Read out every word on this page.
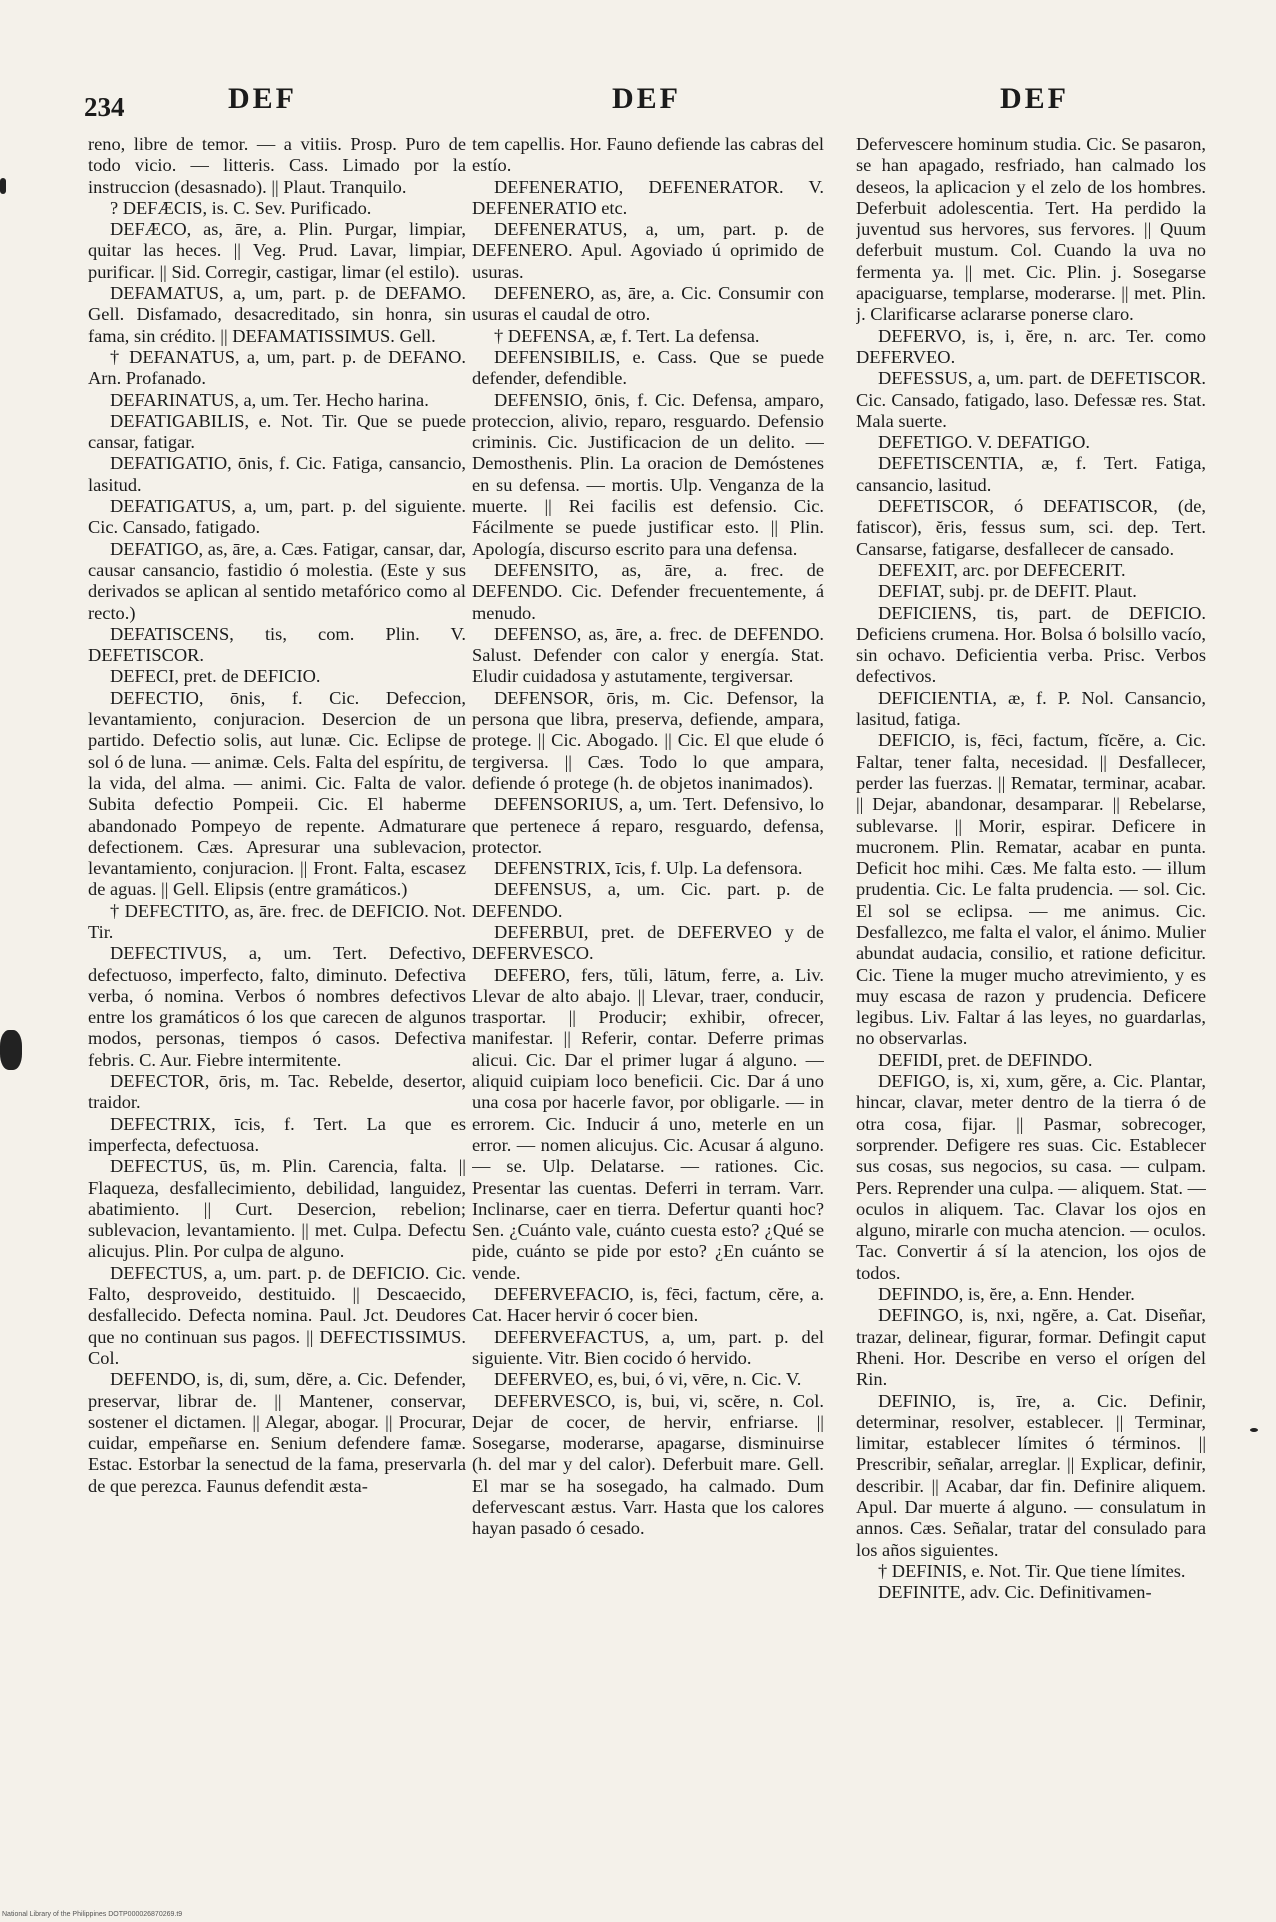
234	DEF	DEF	DEF

reno, libre de temor. — a vitiis. Prosp. Puro de todo vicio. — litteris. Cass. Limado por la instruccion (desasnado). || Plaut. Tranquilo.

? DEFÆCIS, is. C. Sev. Purificado.

DEFÆCO, as, āre, a. Plin. Purgar, limpiar, quitar las heces. || Veg. Prud. Lavar, limpiar, purificar. || Sid. Corregir, castigar, limar (el estilo).

DEFAMATUS, a, um, part. p. de DEFAMO. Gell. Disfamado, desacreditado, sin honra, sin fama, sin crédito. || DEFAMATISSIMUS. Gell.

† DEFANATUS, a, um, part. p. de DEFANO. Arn. Profanado.

DEFARINATUS, a, um. Ter. Hecho harina.

DEFATIGABILIS, e. Not. Tir. Que se puede cansar, fatigar.

DEFATIGATIO, ōnis, f. Cic. Fatiga, cansancio, lasitud.

DEFATIGATUS, a, um, part. p. del siguiente. Cic. Cansado, fatigado.

DEFATIGO, as, āre, a. Cæs. Fatigar, cansar, dar, causar cansancio, fastidio ó molestia. (Este y sus derivados se aplican al sentido metafórico como al recto.)

DEFATISCENS, tis, com. Plin. V. DEFETISCOR.

DEFECI, pret. de DEFICIO.

DEFECTIO, ōnis, f. Cic. Defeccion, levantamiento, conjuracion. Desercion de un partido. Defectio solis, aut lunæ. Cic. Eclipse de sol ó de luna. — animæ. Cels. Falta del espíritu, de la vida, del alma. — animi. Cic. Falta de valor. Subita defectio Pompeii. Cic. El haberme abandonado Pompeyo de repente. Admaturare defectionem. Cæs. Apresurar una sublevacion, levantamiento, conjuracion. || Front. Falta, escasez de aguas. || Gell. Elipsis (entre gramáticos.)

† DEFECTITO, as, āre. frec. de DEFICIO. Not. Tir.

DEFECTIVUS, a, um. Tert. Defectivo, defectuoso, imperfecto, falto, diminuto. Defectiva verba, ó nomina. Verbos ó nombres defectivos entre los gramáticos ó los que carecen de algunos modos, personas, tiempos ó casos. Defectiva febris. C. Aur. Fiebre intermitente.

DEFECTOR, ōris, m. Tac. Rebelde, desertor, traidor.

DEFECTRIX, īcis, f. Tert. La que es imperfecta, defectuosa.

DEFECTUS, ūs, m. Plin. Carencia, falta. || Flaqueza, desfallecimiento, debilidad, languidez, abatimiento. || Curt. Desercion, rebelion; sublevacion, levantamiento. || met. Culpa. Defectu alicujus. Plin. Por culpa de alguno.

DEFECTUS, a, um. part. p. de DEFICIO. Cic. Falto, desproveido, destituido. || Descaecido, desfallecido. Defecta nomina. Paul. Jct. Deudores que no continuan sus pagos. || DEFECTISSIMUS. Col.

DEFENDO, is, di, sum, dĕre, a. Cic. Defender, preservar, librar de. || Mantener, conservar, sostener el dictamen. || Alegar, abogar. || Procurar, cuidar, empeñarse en. Senium defendere famæ. Estac. Estorbar la senectud de la fama, preservarla de que perezca. Faunus defendit æsta-

tem capellis. Hor. Fauno defiende las cabras del estío.

DEFENERATIO, DEFENERATOR. V. DEFENERATIO etc.

DEFENERATUS, a, um, part. p. de DEFENERO. Apul. Agoviado ú oprimido de usuras.

DEFENERO, as, āre, a. Cic. Consumir con usuras el caudal de otro.

† DEFENSA, æ, f. Tert. La defensa.

DEFENSIBILIS, e. Cass. Que se puede defender, defendible.

DEFENSIO, ōnis, f. Cic. Defensa, amparo, proteccion, alivio, reparo, resguardo. Defensio criminis. Cic. Justificacion de un delito. — Demosthenis. Plin. La oracion de Demóstenes en su defensa. — mortis. Ulp. Venganza de la muerte. || Rei facilis est defensio. Cic. Fácilmente se puede justificar esto. || Plin. Apología, discurso escrito para una defensa.

DEFENSITO, as, āre, a. frec. de DEFENDO. Cic. Defender frecuentemente, á menudo.

DEFENSO, as, āre, a. frec. de DEFENDO. Salust. Defender con calor y energía. Stat. Eludir cuidadosa y astutamente, tergiversar.

DEFENSOR, ōris, m. Cic. Defensor, la persona que libra, preserva, defiende, ampara, protege. || Cic. Abogado. || Cic. El que elude ó tergiversa. || Cæs. Todo lo que ampara, defiende ó protege (h. de objetos inanimados).

DEFENSORIUS, a, um. Tert. Defensivo, lo que pertenece á reparo, resguardo, defensa, protector.

DEFENSTRIX, īcis, f. Ulp. La defensora.

DEFENSUS, a, um. Cic. part. p. de DEFENDO.

DEFERBUI, pret. de DEFERVEO y de DEFERVESCO.

DEFERO, fers, tŭli, lātum, ferre, a. Liv. Llevar de alto abajo. || Llevar, traer, conducir, trasportar. || Producir; exhibir, ofrecer, manifestar. || Referir, contar. Deferre primas alicui. Cic. Dar el primer lugar á alguno. — aliquid cuipiam loco beneficii. Cic. Dar á uno una cosa por hacerle favor, por obligarle. — in errorem. Cic. Inducir á uno, meterle en un error. — nomen alicujus. Cic. Acusar á alguno. — se. Ulp. Delatarse. — rationes. Cic. Presentar las cuentas. Deferri in terram. Varr. Inclinarse, caer en tierra. Defertur quanti hoc? Sen. ¿Cuánto vale, cuánto cuesta esto? ¿Qué se pide, cuánto se pide por esto? ¿En cuánto se vende.

DEFERVEFACIO, is, fēci, factum, cĕre, a. Cat. Hacer hervir ó cocer bien.

DEFERVEFACTUS, a, um, part. p. del siguiente. Vitr. Bien cocido ó hervido.

DEFERVEO, es, bui, ó vi, vēre, n. Cic. V.

DEFERVESCO, is, bui, vi, scĕre, n. Col. Dejar de cocer, de hervir, enfriarse. || Sosegarse, moderarse, apagarse, disminuirse (h. del mar y del calor). Deferbuit mare. Gell. El mar se ha sosegado, ha calmado. Dum defervescant æstus. Varr. Hasta que los calores hayan pasado ó cesado.

Defervescere hominum studia. Cic. Se pasaron, se han apagado, resfriado, han calmado los deseos, la aplicacion y el zelo de los hombres. Deferbuit adolescentia. Tert. Ha perdido la juventud sus hervores, sus fervores. || Quum deferbuit mustum. Col. Cuando la uva no fermenta ya. || met. Cic. Plin. j. Sosegarse apaciguarse, templarse, moderarse. || met. Plin. j. Clarificarse aclararse ponerse claro.

DEFERVO, is, i, ĕre, n. arc. Ter. como DEFERVEO.

DEFESSUS, a, um. part. de DEFETISCOR. Cic. Cansado, fatigado, laso. Defessæ res. Stat. Mala suerte.

DEFETIGO. V. DEFATIGO.

DEFETISCENTIA, æ, f. Tert. Fatiga, cansancio, lasitud.

DEFETISCOR, ó DEFATISCOR, (de, fatiscor), ĕris, fessus sum, sci. dep. Tert. Cansarse, fatigarse, desfallecer de cansado.

DEFEXIT, arc. por DEFECERIT.

DEFIAT, subj. pr. de DEFIT. Plaut.

DEFICIENS, tis, part. de DEFICIO. Deficiens crumena. Hor. Bolsa ó bolsillo vacío, sin ochavo. Deficientia verba. Prisc. Verbos defectivos.

DEFICIENTIA, æ, f. P. Nol. Cansancio, lasitud, fatiga.

DEFICIO, is, fēci, factum, fĭcĕre, a. Cic. Faltar, tener falta, necesidad. || Desfallecer, perder las fuerzas. || Rematar, terminar, acabar. || Dejar, abandonar, desamparar. || Rebelarse, sublevarse. || Morir, espirar. Deficere in mucronem. Plin. Rematar, acabar en punta. Deficit hoc mihi. Cæs. Me falta esto. — illum prudentia. Cic. Le falta prudencia. — sol. Cic. El sol se eclipsa. — me animus. Cic. Desfallezco, me falta el valor, el ánimo. Mulier abundat audacia, consilio, et ratione deficitur. Cic. Tiene la muger mucho atrevimiento, y es muy escasa de razon y prudencia. Deficere legibus. Liv. Faltar á las leyes, no guardarlas, no observarlas.

DEFIDI, pret. de DEFINDO.

DEFIGO, is, xi, xum, gĕre, a. Cic. Plantar, hincar, clavar, meter dentro de la tierra ó de otra cosa, fijar. || Pasmar, sobrecoger, sorprender. Defigere res suas. Cic. Establecer sus cosas, sus negocios, su casa. — culpam. Pers. Reprender una culpa. — aliquem. Stat. — oculos in aliquem. Tac. Clavar los ojos en alguno, mirarle con mucha atencion. — oculos. Tac. Convertir á sí la atencion, los ojos de todos.

DEFINDO, is, ĕre, a. Enn. Hender.

DEFINGO, is, nxi, ngĕre, a. Cat. Diseñar, trazar, delinear, figurar, formar. Defingit caput Rheni. Hor. Describe en verso el orígen del Rin.

DEFINIO, is, īre, a. Cic. Definir, determinar, resolver, establecer. || Terminar, limitar, establecer límites ó términos. || Prescribir, señalar, arreglar. || Explicar, definir, describir. || Acabar, dar fin. Definire aliquem. Apul. Dar muerte á alguno. — consulatum in annos. Cæs. Señalar, tratar del consulado para los años siguientes.

† DEFINIS, e. Not. Tir. Que tiene límites.

DEFINITE, adv. Cic. Definitivamen-

National Library of the Philippines DOTP000026870269.t9
